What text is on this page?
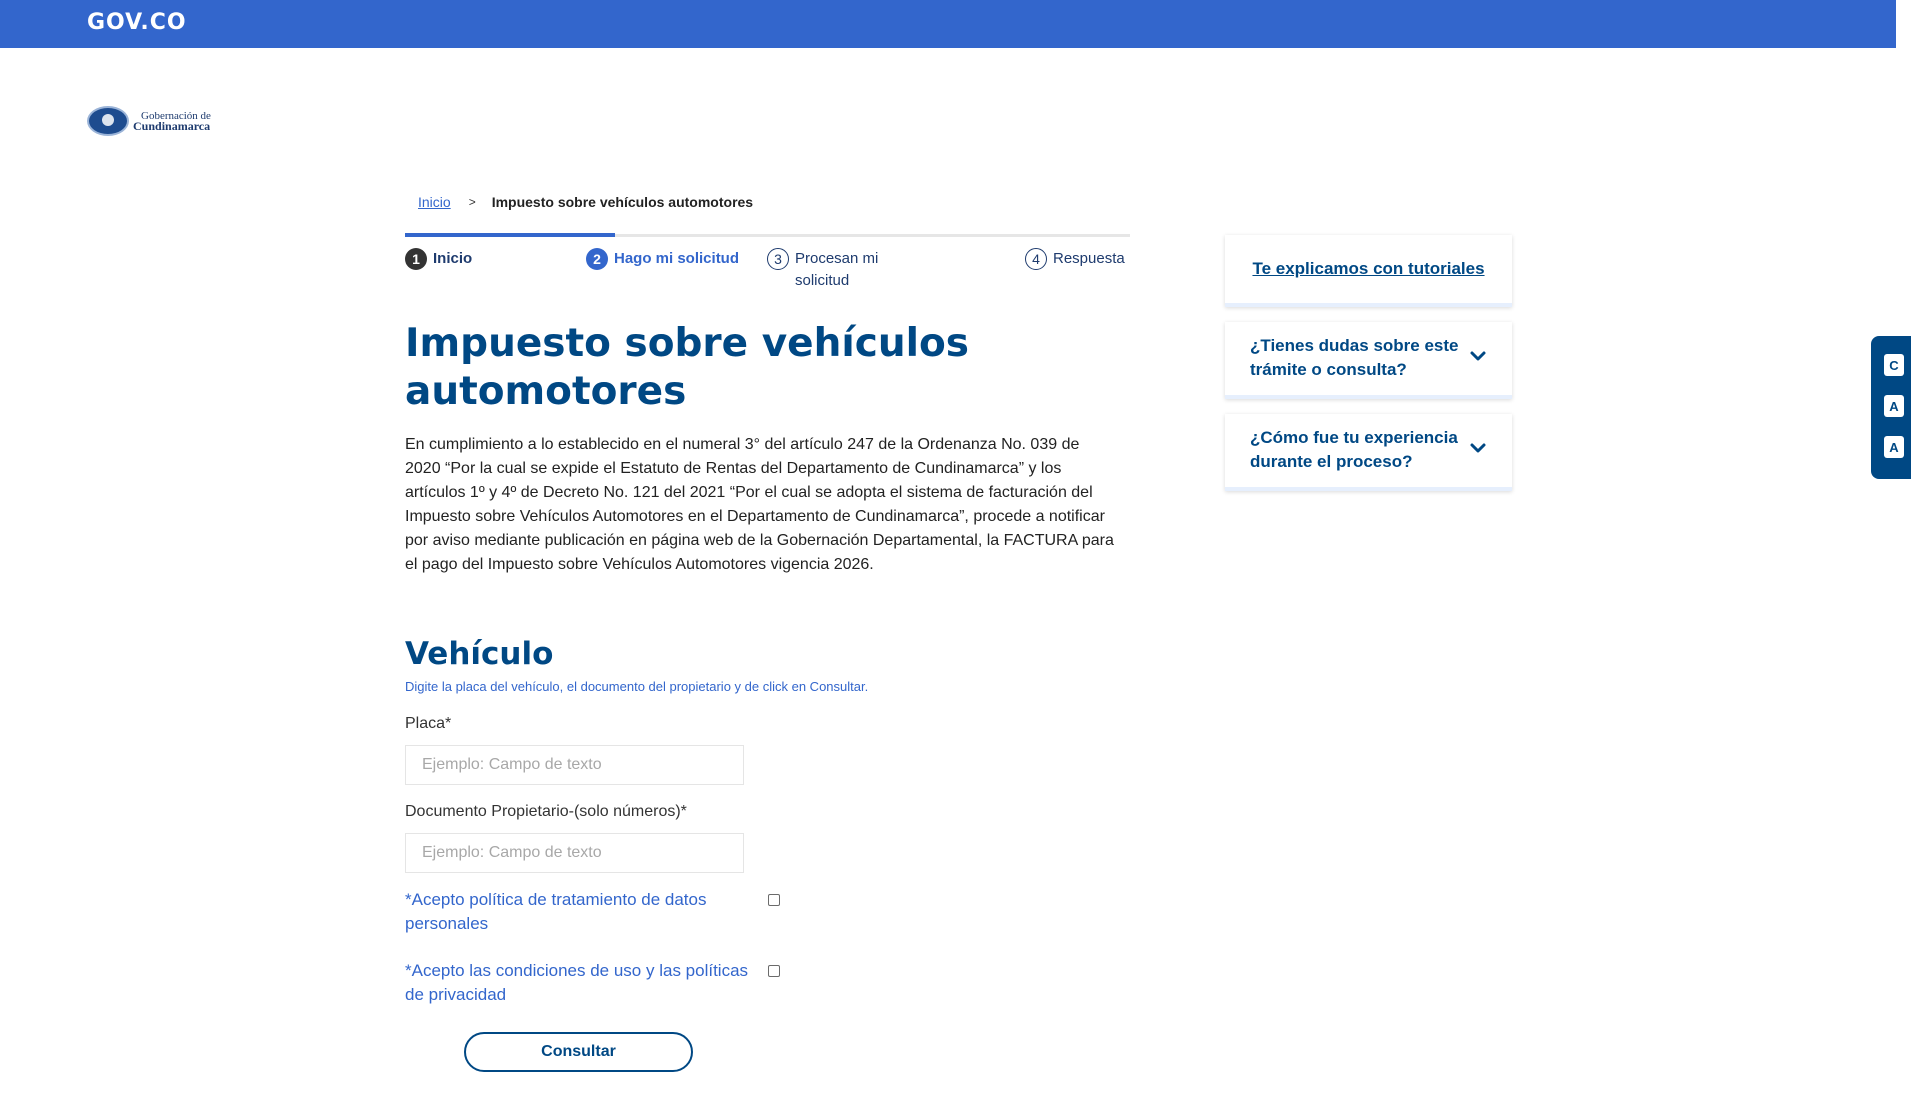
GOV.CO
Gobernación de
Cundinamarca
Inicio > Impuesto sobre vehículos automotores
1 Inicio	2 Hago mi solicitud	3 Procesan mi solicitud
4 Respuesta
Impuesto sobre vehículos automotores

En cumplimiento a lo establecido en el numeral 3° del artículo 247 de la Ordenanza No. 039 de 2020 “Por la cual se expide el Estatuto de Rentas del Departamento de Cundinamarca” y los artículos 1º y 4º de Decreto No. 121 del 2021 “Por el cual se adopta el sistema de facturación del Impuesto sobre Vehículos Automotores en el Departamento de Cundinamarca”, procede a notificar por aviso mediante publicación en página web de la Gobernación Departamental, la FACTURA para el pago del Impuesto sobre Vehículos Automotores vigencia 2026.

Vehículo
Digite la placa del vehículo, el documento del propietario y de click en Consultar.
Placa*
Ejemplo: Campo de texto
Documento Propietario-(solo números)*
Ejemplo: Campo de texto
*Acepto política de tratamiento de datos personales
*Acepto las condiciones de uso y las políticas de privacidad
Consultar
Te explicamos con tutoriales
¿Tienes dudas sobre este trámite o consulta?
¿Cómo fue tu experiencia durante el proceso?
C
A
A
